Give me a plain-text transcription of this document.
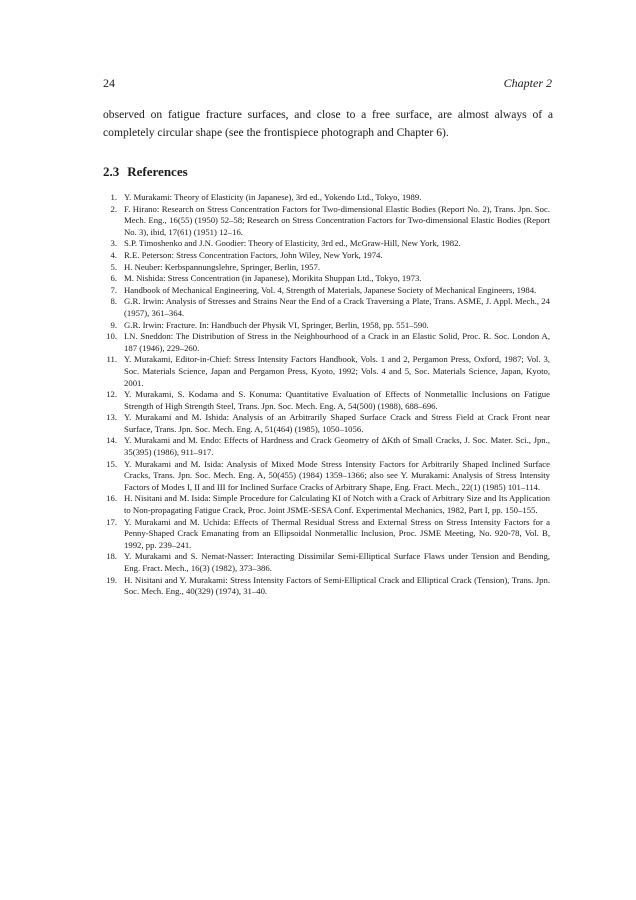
24	Chapter 2

observed on fatigue fracture surfaces, and close to a free surface, are almost always of a completely circular shape (see the frontispiece photograph and Chapter 6).

2.3 References
1. Y. Murakami: Theory of Elasticity (in Japanese), 3rd ed., Yokendo Ltd., Tokyo, 1989.
2. F. Hirano: Research on Stress Concentration Factors for Two-dimensional Elastic Bodies (Report No. 2), Trans. Jpn. Soc. Mech. Eng., 16(55) (1950) 52–58; Research on Stress Concentration Factors for Two-dimensional Elastic Bodies (Report No. 3), ibid, 17(61) (1951) 12–16.
3. S.P. Timoshenko and J.N. Goodier: Theory of Elasticity, 3rd ed., McGraw-Hill, New York, 1982.
4. R.E. Peterson: Stress Concentration Factors, John Wiley, New York, 1974.
5. H. Neuber: Kerbspannungslehre, Springer, Berlin, 1957.
6. M. Nishida: Stress Concentration (in Japanese), Morikita Shuppan Ltd., Tokyo, 1973.
7. Handbook of Mechanical Engineering, Vol. 4, Strength of Materials, Japanese Society of Mechanical Engineers, 1984.
8. G.R. Irwin: Analysis of Stresses and Strains Near the End of a Crack Traversing a Plate, Trans. ASME, J. Appl. Mech., 24 (1957), 361–364.
9. G.R. Irwin: Fracture. In: Handbuch der Physik VI, Springer, Berlin, 1958, pp. 551–590.
10. I.N. Sneddon: The Distribution of Stress in the Neighbourhood of a Crack in an Elastic Solid, Proc. R. Soc. London A, 187 (1946), 229–260.
11. Y. Murakami, Editor-in-Chief: Stress Intensity Factors Handbook, Vols. 1 and 2, Pergamon Press, Oxford, 1987; Vol. 3, Soc. Materials Science, Japan and Pergamon Press, Kyoto, 1992; Vols. 4 and 5, Soc. Materials Science, Japan, Kyoto, 2001.
12. Y. Murakami, S. Kodama and S. Konuma: Quantitative Evaluation of Effects of Nonmetallic Inclusions on Fatigue Strength of High Strength Steel, Trans. Jpn. Soc. Mech. Eng. A, 54(500) (1988), 688–696.
13. Y. Murakami and M. Ishida: Analysis of an Arbitrarily Shaped Surface Crack and Stress Field at Crack Front near Surface, Trans. Jpn. Soc. Mech. Eng. A, 51(464) (1985), 1050–1056.
14. Y. Murakami and M. Endo: Effects of Hardness and Crack Geometry of ΔKth of Small Cracks, J. Soc. Mater. Sci., Jpn., 35(395) (1986), 911–917.
15. Y. Murakami and M. Isida: Analysis of Mixed Mode Stress Intensity Factors for Arbitrarily Shaped Inclined Surface Cracks, Trans. Jpn. Soc. Mech. Eng. A, 50(455) (1984) 1359–1366; also see Y. Murakami: Analysis of Stress Intensity Factors of Modes I, II and III for Inclined Surface Cracks of Arbitrary Shape, Eng. Fract. Mech., 22(1) (1985) 101–114.
16. H. Nisitani and M. Isida: Simple Procedure for Calculating KI of Notch with a Crack of Arbitrary Size and Its Application to Non-propagating Fatigue Crack, Proc. Joint JSME-SESA Conf. Experimental Mechanics, 1982, Part I, pp. 150–155.
17. Y. Murakami and M. Uchida: Effects of Thermal Residual Stress and External Stress on Stress Intensity Factors for a Penny-Shaped Crack Emanating from an Ellipsoidal Nonmetallic Inclusion, Proc. JSME Meeting, No. 920-78, Vol. B, 1992, pp. 239–241.
18. Y. Murakami and S. Nemat-Nasser: Interacting Dissimilar Semi-Elliptical Surface Flaws under Tension and Bending, Eng. Fract. Mech., 16(3) (1982), 373–386.
19. H. Nisitani and Y. Murakami: Stress Intensity Factors of Semi-Elliptical Crack and Elliptical Crack (Tension), Trans. Jpn. Soc. Mech. Eng., 40(329) (1974), 31–40.
